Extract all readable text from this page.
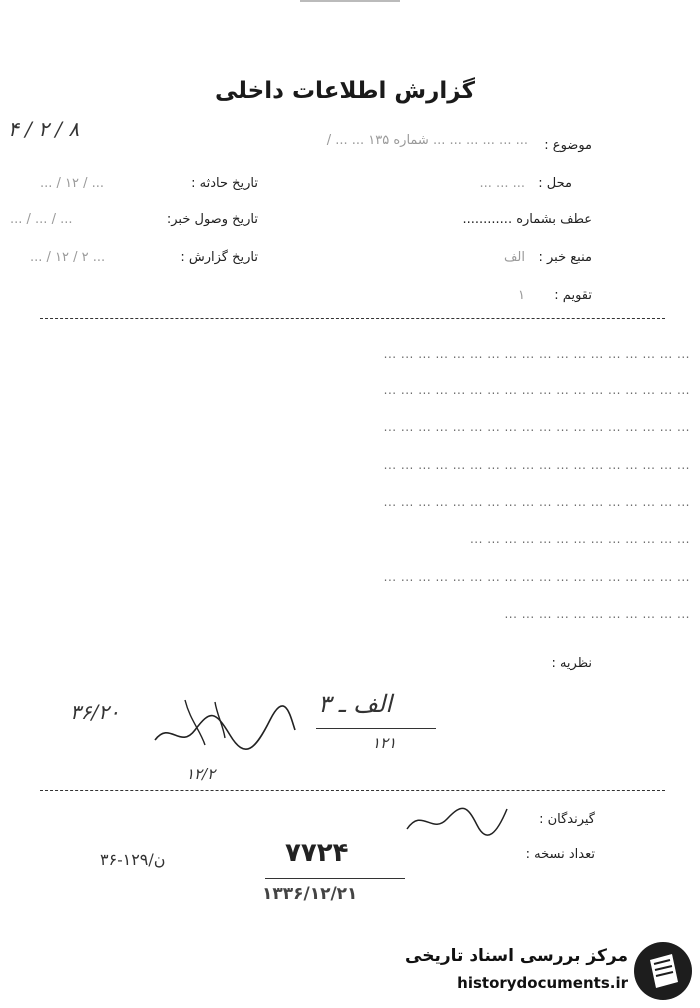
گزارش اطلاعات داخلی
۴ / ۲ / ۸
موضوع :
... ... ... ... ... ... شماره ۱۳۵ ... ... /
محل :
... ... ...
عطف بشماره ............
منبع خبر :
الف
تقویم :
۱
تاریخ حادثه :
... / ۱۲ / ...
تاریخ وصول خبر:
... / ... / ...
تاریخ گزارش :
... / ۱۲ / ۲ ...
... ... ... ... ... ... ... ... ... ... ... ... ... ... ... ... ... ...
... ... ... ... ... ... ... ... ... ... ... ... ... ... ... ... ... ...
... ... ... ... ... ... ... ... ... ... ... ... ... ... ... ... ... ...
... ... ... ... ... ... ... ... ... ... ... ... ... ... ... ... ... ...
... ... ... ... ... ... ... ... ... ... ... ... ... ... ... ... ... ...
... ... ... ... ... ... ... ... ... ... ... ... ...
... ... ... ... ... ... ... ... ... ... ... ... ... ... ... ... ... ...
... ... ... ... ... ... ... ... ... ... ...
نظریه :
۳۶/۲۰	الف ـ ۳
۱۲۱
۱۲/۲
گیرندگان :
تعداد نسخه :
ن/۱۲۹-۳۶	۷۷۲۴
۱۳۳۶/۱۲/۲۱
مرکز بررسی اسناد تاریخی
historydocuments.ir
